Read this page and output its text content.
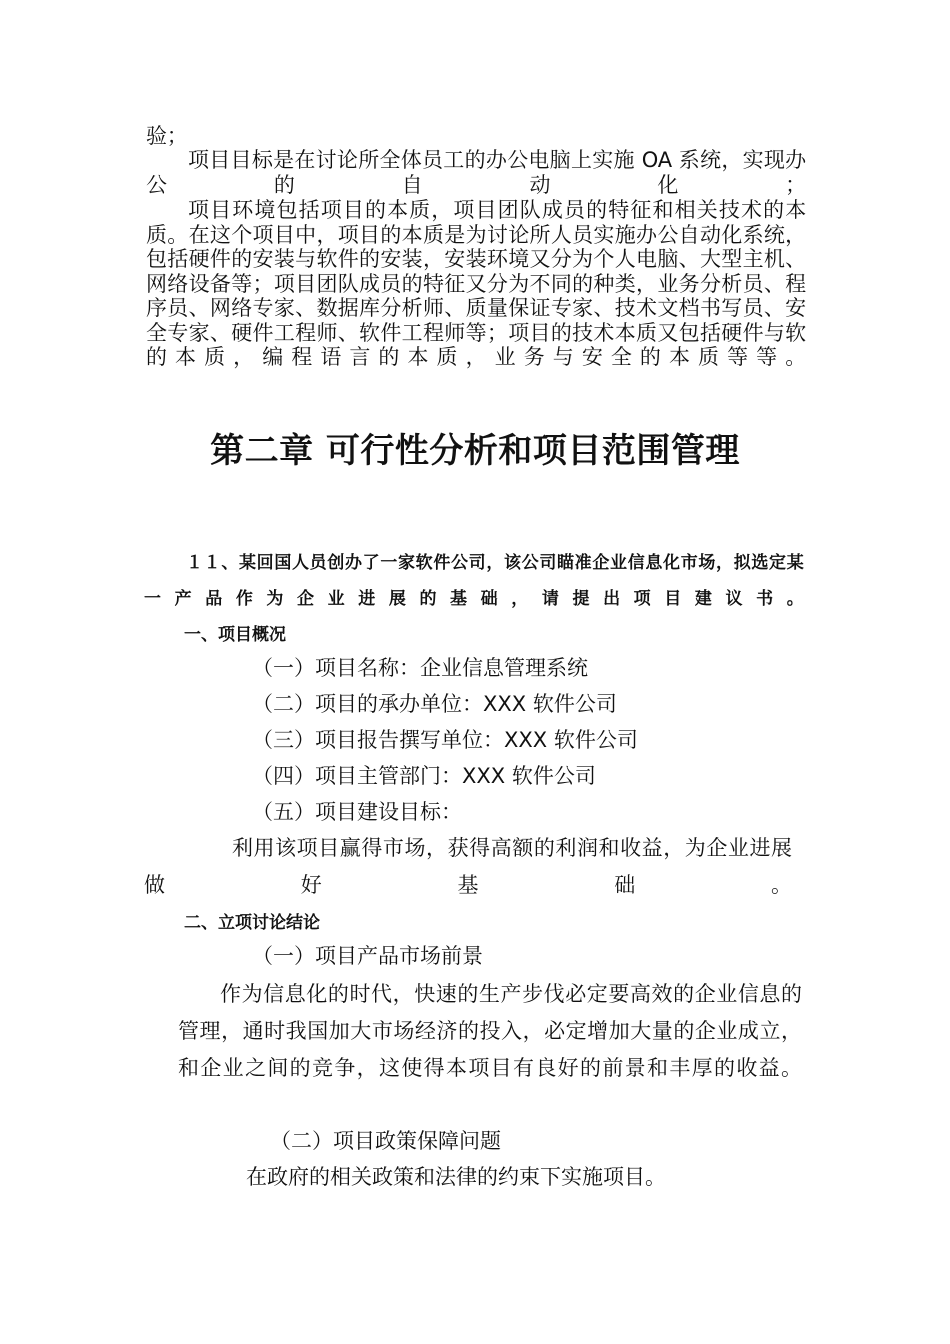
验；

项目目标是在讨论所全体员工的办公电脑上实施 OA 系统，实现办公的自动化；

项目环境包括项目的本质，项目团队成员的特征和相关技术的本质。在这个项目中，项目的本质是为讨论所人员实施办公自动化系统，包括硬件的安装与软件的安装，安装环境又分为个人电脑、大型主机、网络设备等；项目团队成员的特征又分为不同的种类，业务分析员、程序员、网络专家、数据库分析师、质量保证专家、技术文档书写员、安全专家、硬件工程师、软件工程师等；项目的技术本质又包括硬件与软的本质，编程语言的本质，业务与安全的本质等等。

第二章 可行性分析和项目范围管理

１１、某回国人员创办了一家软件公司，该公司瞄准企业信息化市场，拟选定某一产品作为企业进展的基础，请提出项目建议书。

一、项目概况

（一）项目名称：企业信息管理系统

（二）项目的承办单位：XXX 软件公司

（三）项目报告撰写单位：XXX 软件公司

（四）项目主管部门：XXX 软件公司

（五）项目建设目标：

利用该项目赢得市场，获得高额的利润和收益，为企业进展做好基础。

二、立项讨论结论

（一）项目产品市场前景

作为信息化的时代，快速的生产步伐必定要高效的企业信息的管理，通时我国加大市场经济的投入，必定增加大量的企业成立，和企业之间的竞争，这使得本项目有良好的前景和丰厚的收益。

（二）项目政策保障问题

在政府的相关政策和法律的约束下实施项目。
